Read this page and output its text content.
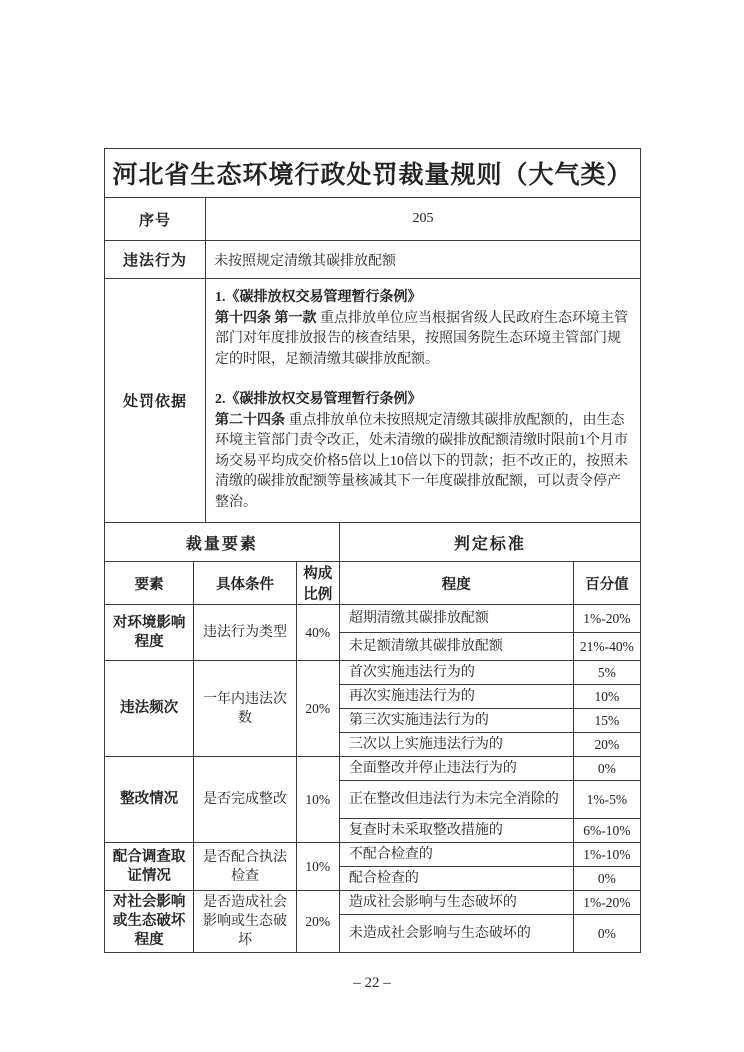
河北省生态环境行政处罚裁量规则（大气类）	
序号	205
违法行为	未按照规定清缴其碳排放配额
处罚依据	1.《碳排放权交易管理暂行条例》
第十四条 第一款 重点排放单位应当根据省级人民政府生态环境主管部门对年度排放报告的核查结果，按照国务院生态环境主管部门规定的时限，足额清缴其碳排放配额。
2.《碳排放权交易管理暂行条例》
第二十四条 重点排放单位未按照规定清缴其碳排放配额的，由生态环境主管部门责令改正，处未清缴的碳排放配额清缴时限前1个月市场交易平均成交价格5倍以上10倍以下的罚款；拒不改正的，按照未清缴的碳排放配额等量核减其下一年度碳排放配额，可以责令停产整治。
裁量要素			判定标准	
要素	具体条件	构成比例	程度	百分值
对环境影响程度	违法行为类型	40%	超期清缴其碳排放配额	1%-20%
			未足额清缴其碳排放配额	21%-40%
违法频次	一年内违法次数	20%	首次实施违法行为的	5%
			再次实施违法行为的	10%
			第三次实施违法行为的	15%
			三次以上实施违法行为的	20%
整改情况	是否完成整改	10%	全面整改并停止违法行为的	0%
			正在整改但违法行为未完全消除的	1%-5%
			复查时未采取整改措施的	6%-10%
配合调查取证情况	是否配合执法检查	10%	不配合检查的	1%-10%
			配合检查的	0%
对社会影响或生态破坏程度	是否造成社会影响或生态破坏	20%	造成社会影响与生态破坏的	1%-20%
			未造成社会影响与生态破坏的	0%
– 22 –
